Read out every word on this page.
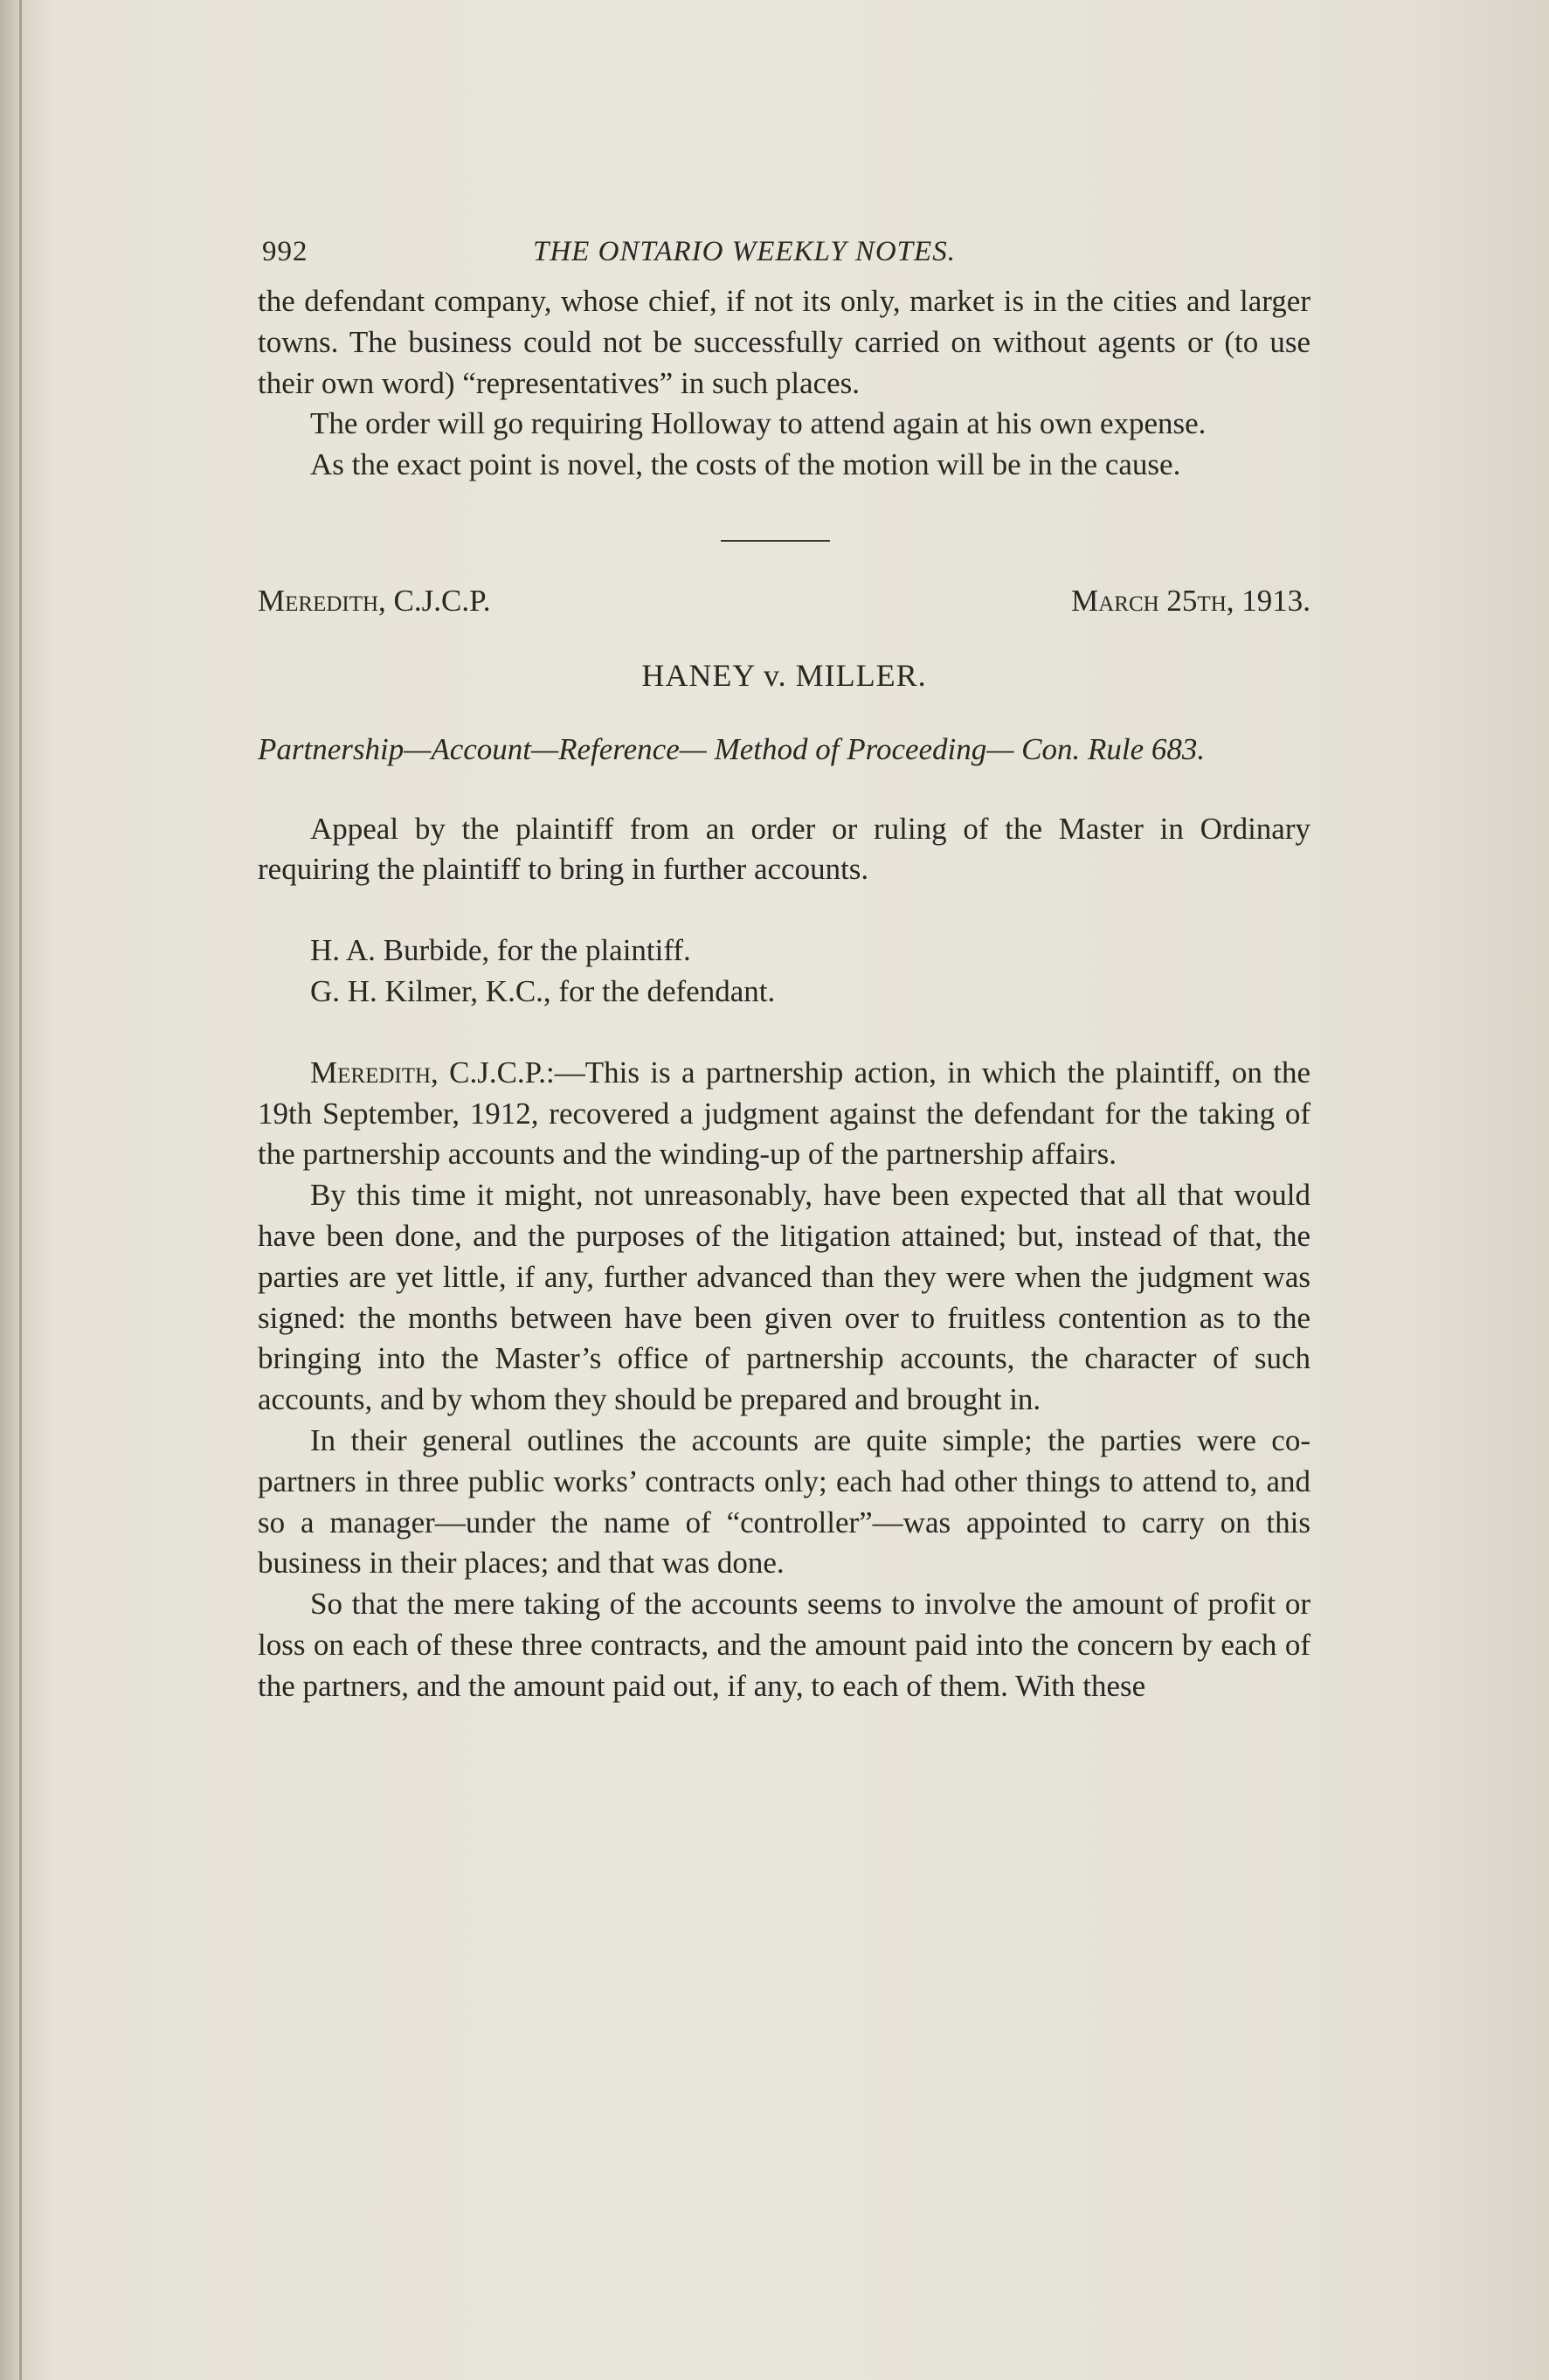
992	THE ONTARIO WEEKLY NOTES.

the defendant company, whose chief, if not its only, market is in the cities and larger towns. The business could not be successfully carried on without agents or (to use their own word) “representatives” in such places.

The order will go requiring Holloway to attend again at his own expense.

As the exact point is novel, the costs of the motion will be in the cause.

Meredith, C.J.C.P.	March 25th, 1913.
HANEY v. MILLER.
Partnership—Account—Reference— Method of Proceeding— Con. Rule 683.

Appeal by the plaintiff from an order or ruling of the Master in Ordinary requiring the plaintiff to bring in further accounts.

H. A. Burbide, for the plaintiff.

G. H. Kilmer, K.C., for the defendant.

Meredith, C.J.C.P.:—This is a partnership action, in which the plaintiff, on the 19th September, 1912, recovered a judgment against the defendant for the taking of the partnership accounts and the winding-up of the partnership affairs.

By this time it might, not unreasonably, have been expected that all that would have been done, and the purposes of the litigation attained; but, instead of that, the parties are yet little, if any, further advanced than they were when the judgment was signed: the months between have been given over to fruitless contention as to the bringing into the Master’s office of partnership accounts, the character of such accounts, and by whom they should be prepared and brought in.

In their general outlines the accounts are quite simple; the parties were co-partners in three public works’ contracts only; each had other things to attend to, and so a manager—under the name of “controller”—was appointed to carry on this business in their places; and that was done.

So that the mere taking of the accounts seems to involve the amount of profit or loss on each of these three contracts, and the amount paid into the concern by each of the partners, and the amount paid out, if any, to each of them. With these
